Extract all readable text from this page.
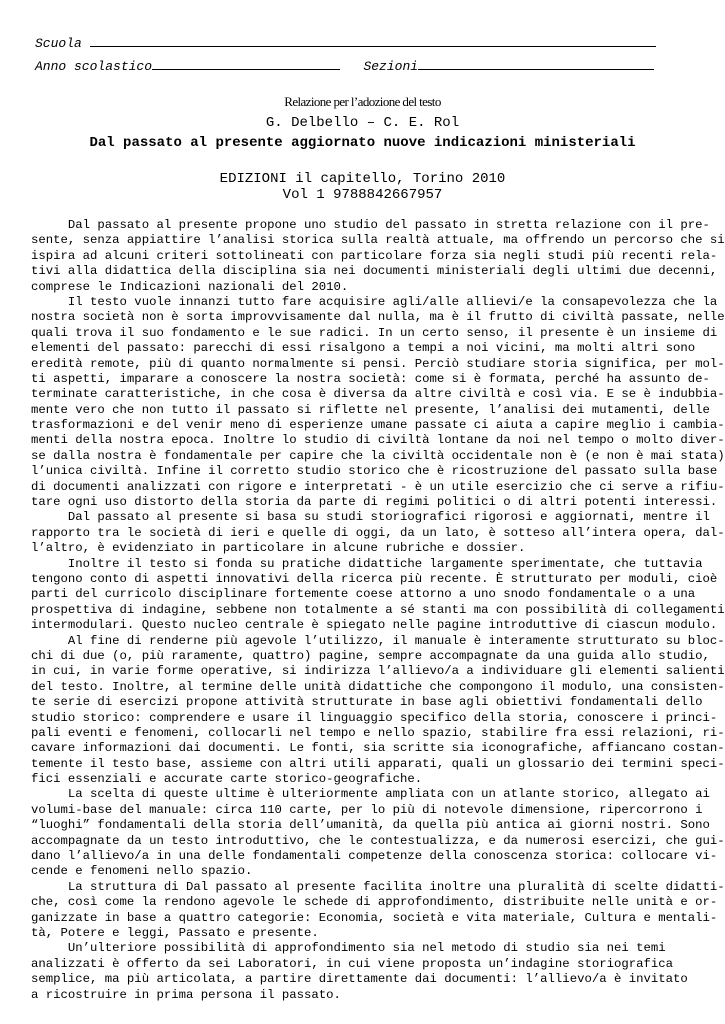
Scuola
Anno scolastico	Sezioni
Relazione per l’adozione del testo
G. Delbello – C. E. Rol
Dal passato al presente aggiornato nuove indicazioni ministeriali
EDIZIONI il capitello, Torino 2010
Vol 1 9788842667957
Dal passato al presente propone uno studio del passato in stretta relazione con il pre-
sente, senza appiattire l’analisi storica sulla realtà attuale, ma offrendo un percorso che si
ispira ad alcuni criteri sottolineati con particolare forza sia negli studi più recenti rela-
tivi alla didattica della disciplina sia nei documenti ministeriali degli ultimi due decenni,
comprese le Indicazioni nazionali del 2010.
Il testo vuole innanzi tutto fare acquisire agli/alle allievi/e la consapevolezza che la
nostra società non è sorta improvvisamente dal nulla, ma è il frutto di civiltà passate, nelle
quali trova il suo fondamento e le sue radici. In un certo senso, il presente è un insieme di
elementi del passato: parecchi di essi risalgono a tempi a noi vicini, ma molti altri sono
eredità remote, più di quanto normalmente si pensi. Perciò studiare storia significa, per mol-
ti aspetti, imparare a conoscere la nostra società: come si è formata, perché ha assunto de-
terminate caratteristiche, in che cosa è diversa da altre civiltà e così via. E se è indubbia-
mente vero che non tutto il passato si riflette nel presente, l’analisi dei mutamenti, delle
trasformazioni e del venir meno di esperienze umane passate ci aiuta a capire meglio i cambia-
menti della nostra epoca. Inoltre lo studio di civiltà lontane da noi nel tempo o molto diver-
se dalla nostra è fondamentale per capire che la civiltà occidentale non è (e non è mai stata)
l’unica civiltà. Infine il corretto studio storico che è ricostruzione del passato sulla base
di documenti analizzati con rigore e interpretati - è un utile esercizio che ci serve a rifiu-
tare ogni uso distorto della storia da parte di regimi politici o di altri potenti interessi.
Dal passato al presente si basa su studi storiografici rigorosi e aggiornati, mentre il
rapporto tra le società di ieri e quelle di oggi, da un lato, è sotteso all’intera opera, dal-
l’altro, è evidenziato in particolare in alcune rubriche e dossier.
Inoltre il testo si fonda su pratiche didattiche largamente sperimentate, che tuttavia
tengono conto di aspetti innovativi della ricerca più recente. È strutturato per moduli, cioè
parti del curricolo disciplinare fortemente coese attorno a uno snodo fondamentale o a una
prospettiva di indagine, sebbene non totalmente a sé stanti ma con possibilità di collegamenti
intermodulari. Questo nucleo centrale è spiegato nelle pagine introduttive di ciascun modulo.
Al fine di renderne più agevole l’utilizzo, il manuale è interamente strutturato su bloc-
chi di due (o, più raramente, quattro) pagine, sempre accompagnate da una guida allo studio,
in cui, in varie forme operative, si indirizza l’allievo/a a individuare gli elementi salienti
del testo. Inoltre, al termine delle unità didattiche che compongono il modulo, una consisten-
te serie di esercizi propone attività strutturate in base agli obiettivi fondamentali dello
studio storico: comprendere e usare il linguaggio specifico della storia, conoscere i princi-
pali eventi e fenomeni, collocarli nel tempo e nello spazio, stabilire fra essi relazioni, ri-
cavare informazioni dai documenti. Le fonti, sia scritte sia iconografiche, affiancano costan-
temente il testo base, assieme con altri utili apparati, quali un glossario dei termini speci-
fici essenziali e accurate carte storico-geografiche.
La scelta di queste ultime è ulteriormente ampliata con un atlante storico, allegato ai
volumi-base del manuale: circa 110 carte, per lo più di notevole dimensione, ripercorrono i
“luoghi” fondamentali della storia dell’umanità, da quella più antica ai giorni nostri. Sono
accompagnate da un testo introduttivo, che le contestualizza, e da numerosi esercizi, che gui-
dano l’allievo/a in una delle fondamentali competenze della conoscenza storica: collocare vi-
cende e fenomeni nello spazio.
La struttura di Dal passato al presente facilita inoltre una pluralità di scelte didatti-
che, così come la rendono agevole le schede di approfondimento, distribuite nelle unità e or-
ganizzate in base a quattro categorie: Economia, società e vita materiale, Cultura e mentali-
tà, Potere e leggi, Passato e presente.
Un’ulteriore possibilità di approfondimento sia nel metodo di studio sia nei temi
analizzati è offerto da sei Laboratori, in cui viene proposta un’indagine storiografica
semplice, ma più articolata, a partire direttamente dai documenti: l’allievo/a è invitato
a ricostruire in prima persona il passato.
